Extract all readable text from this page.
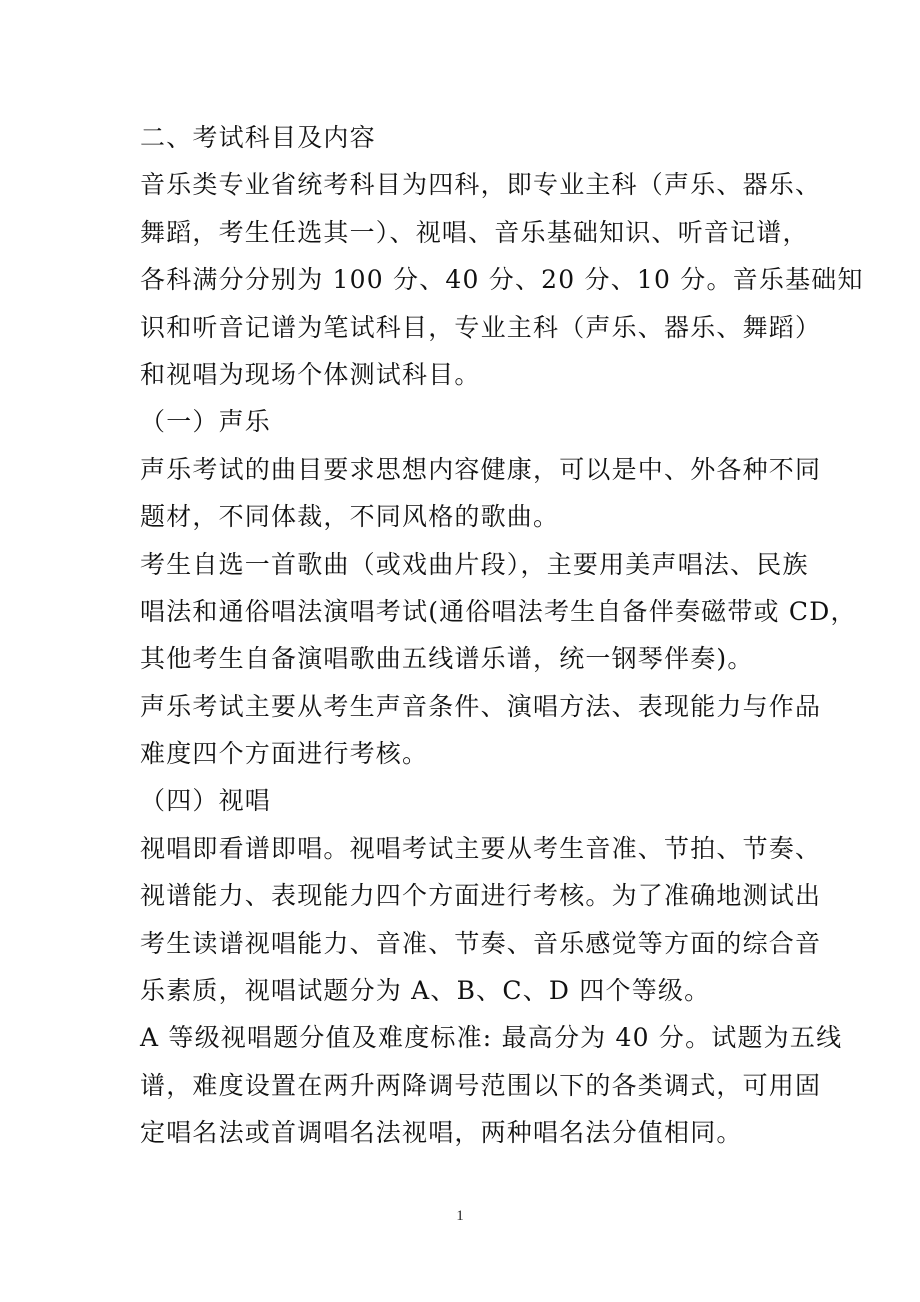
二、考试科目及内容
音乐类专业省统考科目为四科，即专业主科（声乐、器乐、
舞蹈，考生任选其一）、视唱、音乐基础知识、听音记谱，
各科满分分别为 100 分、40 分、20 分、10 分。音乐基础知
识和听音记谱为笔试科目，专业主科（声乐、器乐、舞蹈）
和视唱为现场个体测试科目。
（一）声乐
声乐考试的曲目要求思想内容健康，可以是中、外各种不同
题材，不同体裁，不同风格的歌曲。
考生自选一首歌曲（或戏曲片段），主要用美声唱法、民族
唱法和通俗唱法演唱考试(通俗唱法考生自备伴奏磁带或 CD，
其他考生自备演唱歌曲五线谱乐谱，统一钢琴伴奏)。
声乐考试主要从考生声音条件、演唱方法、表现能力与作品
难度四个方面进行考核。
（四）视唱
视唱即看谱即唱。视唱考试主要从考生音准、节拍、节奏、
视谱能力、表现能力四个方面进行考核。为了准确地测试出
考生读谱视唱能力、音准、节奏、音乐感觉等方面的综合音
乐素质，视唱试题分为 A、B、C、D 四个等级。
A 等级视唱题分值及难度标准: 最高分为 40 分。试题为五线
谱，难度设置在两升两降调号范围以下的各类调式，可用固
定唱名法或首调唱名法视唱，两种唱名法分值相同。
1
